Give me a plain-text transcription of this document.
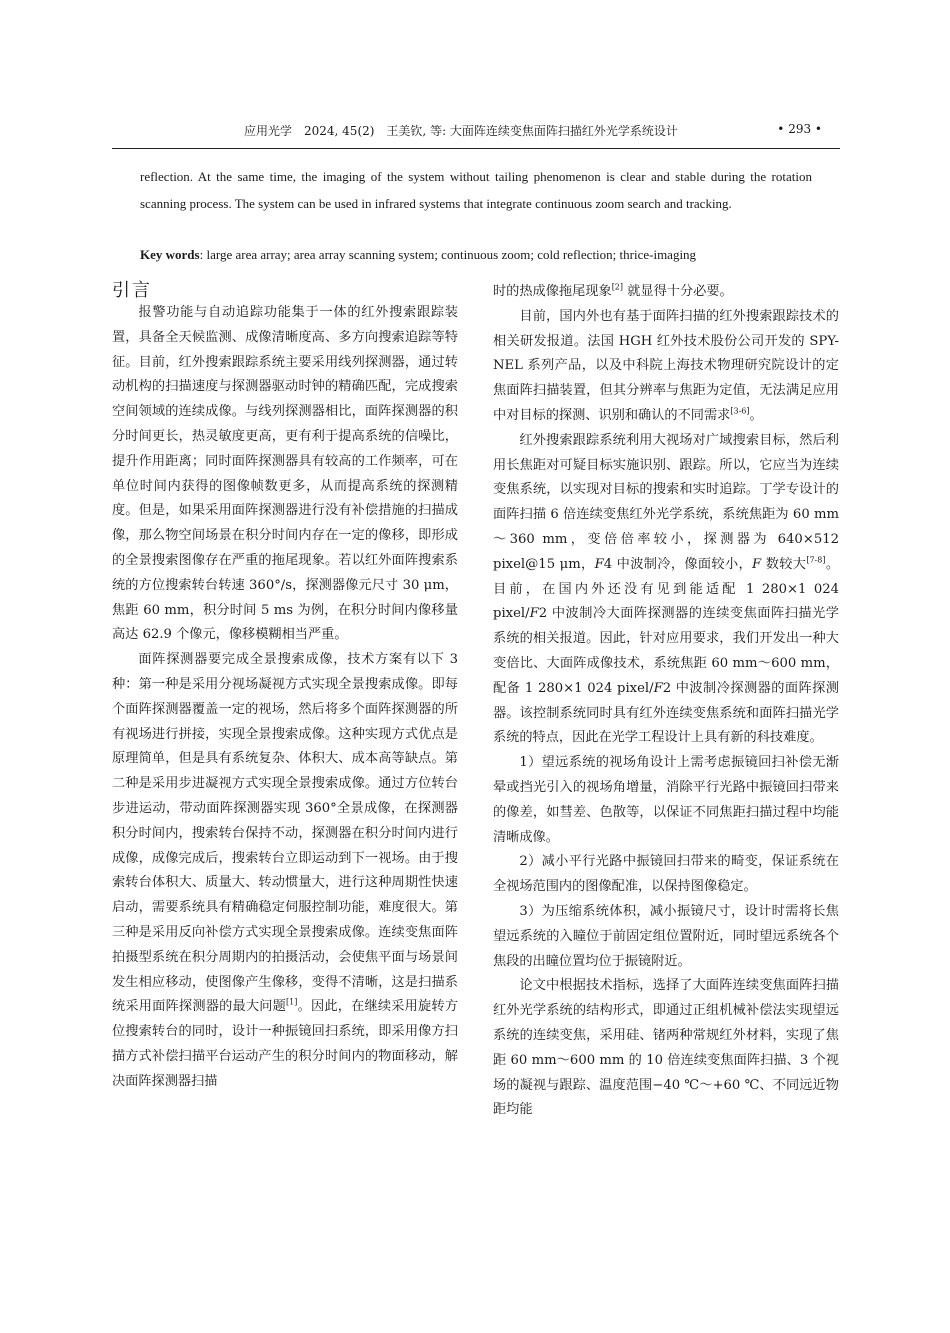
应用光学　2024, 45(2)　王美钦, 等: 大面阵连续变焦面阵扫描红外光学系统设计	• 293 •
reflection. At the same time, the imaging of the system without tailing phenomenon is clear and stable during the rotation scanning process. The system can be used in infrared systems that integrate continuous zoom search and tracking.
Key words: large area array; area array scanning system; continuous zoom; cold reflection; thrice-imaging
引言

报警功能与自动追踪功能集于一体的红外搜索跟踪装置，具备全天候监测、成像清晰度高、多方向搜索追踪等特征。目前，红外搜索跟踪系统主要采用线列探测器，通过转动机构的扫描速度与探测器驱动时钟的精确匹配，完成搜索空间领域的连续成像。与线列探测器相比，面阵探测器的积分时间更长，热灵敏度更高，更有利于提高系统的信噪比，提升作用距离；同时面阵探测器具有较高的工作频率，可在单位时间内获得的图像帧数更多，从而提高系统的探测精度。但是，如果采用面阵探测器进行没有补偿措施的扫描成像，那么物空间场景在积分时间内存在一定的像移，即形成的全景搜索图像存在严重的拖尾现象。若以红外面阵搜索系统的方位搜索转台转速 360°/s，探测器像元尺寸 30 μm，焦距 60 mm，积分时间 5 ms 为例，在积分时间内像移量高达 62.9 个像元，像移模糊相当严重。

面阵探测器要完成全景搜索成像，技术方案有以下 3 种：第一种是采用分视场凝视方式实现全景搜索成像。即每个面阵探测器覆盖一定的视场，然后将多个面阵探测器的所有视场进行拼接，实现全景搜索成像。这种实现方式优点是原理简单，但是具有系统复杂、体积大、成本高等缺点。第二种是采用步进凝视方式实现全景搜索成像。通过方位转台步进运动，带动面阵探测器实现 360°全景成像，在探测器积分时间内，搜索转台保持不动，探测器在积分时间内进行成像，成像完成后，搜索转台立即运动到下一视场。由于搜索转台体积大、质量大、转动惯量大，进行这种周期性快速启动，需要系统具有精确稳定伺服控制功能，难度很大。第三种是采用反向补偿方式实现全景搜索成像。连续变焦面阵拍摄型系统在积分周期内的拍摄活动，会使焦平面与场景间发生相应移动，使图像产生像移，变得不清晰，这是扫描系统采用面阵探测器的最大问题[1]。因此，在继续采用旋转方位搜索转台的同时，设计一种振镜回扫系统，即采用像方扫描方式补偿扫描平台运动产生的积分时间内的物面移动，解决面阵探测器扫描

时的热成像拖尾现象[2] 就显得十分必要。

目前，国内外也有基于面阵扫描的红外搜索跟踪技术的相关研发报道。法国 HGH 红外技术股份公司开发的 SPY-NEL 系列产品，以及中科院上海技术物理研究院设计的定焦面阵扫描装置，但其分辨率与焦距为定值，无法满足应用中对目标的探测、识别和确认的不同需求[3-6]。

红外搜索跟踪系统利用大视场对广域搜索目标，然后利用长焦距对可疑目标实施识别、跟踪。所以，它应当为连续变焦系统，以实现对目标的搜索和实时追踪。丁学专设计的面阵扫描 6 倍连续变焦红外光学系统，系统焦距为 60 mm～360 mm，变倍倍率较小，探测器为 640×512 pixel@15 μm，F4 中波制冷，像面较小，F 数较大[7-8]。目前，在国内外还没有见到能适配 1 280×1 024 pixel/F2 中波制冷大面阵探测器的连续变焦面阵扫描光学系统的相关报道。因此，针对应用要求，我们开发出一种大变倍比、大面阵成像技术，系统焦距 60 mm～600 mm，配备 1 280×1 024 pixel/F2 中波制冷探测器的面阵探测器。该控制系统同时具有红外连续变焦系统和面阵扫描光学系统的特点，因此在光学工程设计上具有新的科技难度。

1）望远系统的视场角设计上需考虑振镜回扫补偿无渐晕或挡光引入的视场角增量，消除平行光路中振镜回扫带来的像差，如彗差、色散等，以保证不同焦距扫描过程中均能清晰成像。

2）减小平行光路中振镜回扫带来的畸变，保证系统在全视场范围内的图像配准，以保持图像稳定。

3）为压缩系统体积，减小振镜尺寸，设计时需将长焦望远系统的入瞳位于前固定组位置附近，同时望远系统各个焦段的出瞳位置均位于振镜附近。

论文中根据技术指标，选择了大面阵连续变焦面阵扫描红外光学系统的结构形式，即通过正组机械补偿法实现望远系统的连续变焦，采用硅、锗两种常规红外材料，实现了焦距 60 mm～600 mm 的 10 倍连续变焦面阵扫描、3 个视场的凝视与跟踪、温度范围−40 ℃～+60 ℃、不同远近物距均能
